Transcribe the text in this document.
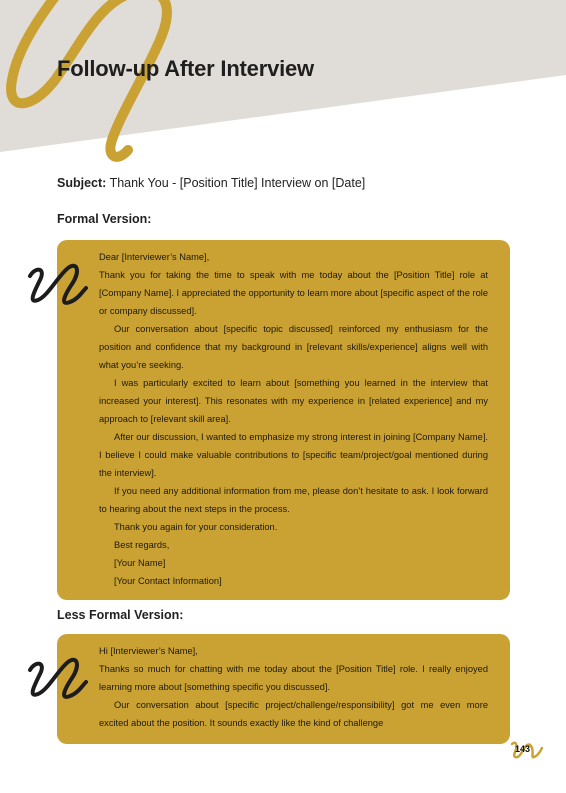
Follow-up After Interview
Subject: Thank You - [Position Title] Interview on [Date]
Formal Version:

Dear [Interviewer’s Name],

Thank you for taking the time to speak with me today about the [Position Title] role at [Company Name]. I appreciated the opportunity to learn more about [specific aspect of the role or company discussed].

Our conversation about [specific topic discussed] reinforced my enthusiasm for the position and confidence that my background in [relevant skills/experience] aligns well with what you’re seeking.

I was particularly excited to learn about [something you learned in the interview that increased your interest]. This resonates with my experience in [related experience] and my approach to [relevant skill area].

After our discussion, I wanted to emphasize my strong interest in joining [Company Name]. I believe I could make valuable contributions to [specific team/project/goal mentioned during the interview].

If you need any additional information from me, please don’t hesitate to ask. I look forward to hearing about the next steps in the process.

Thank you again for your consideration.

Best regards,

[Your Name]

[Your Contact Information]

Less Formal Version:

Hi [Interviewer’s Name],

Thanks so much for chatting with me today about the [Position Title] role. I really enjoyed learning more about [something specific you discussed].

Our conversation about [specific project/challenge/responsibility] got me even more excited about the position. It sounds exactly like the kind of challenge

143
